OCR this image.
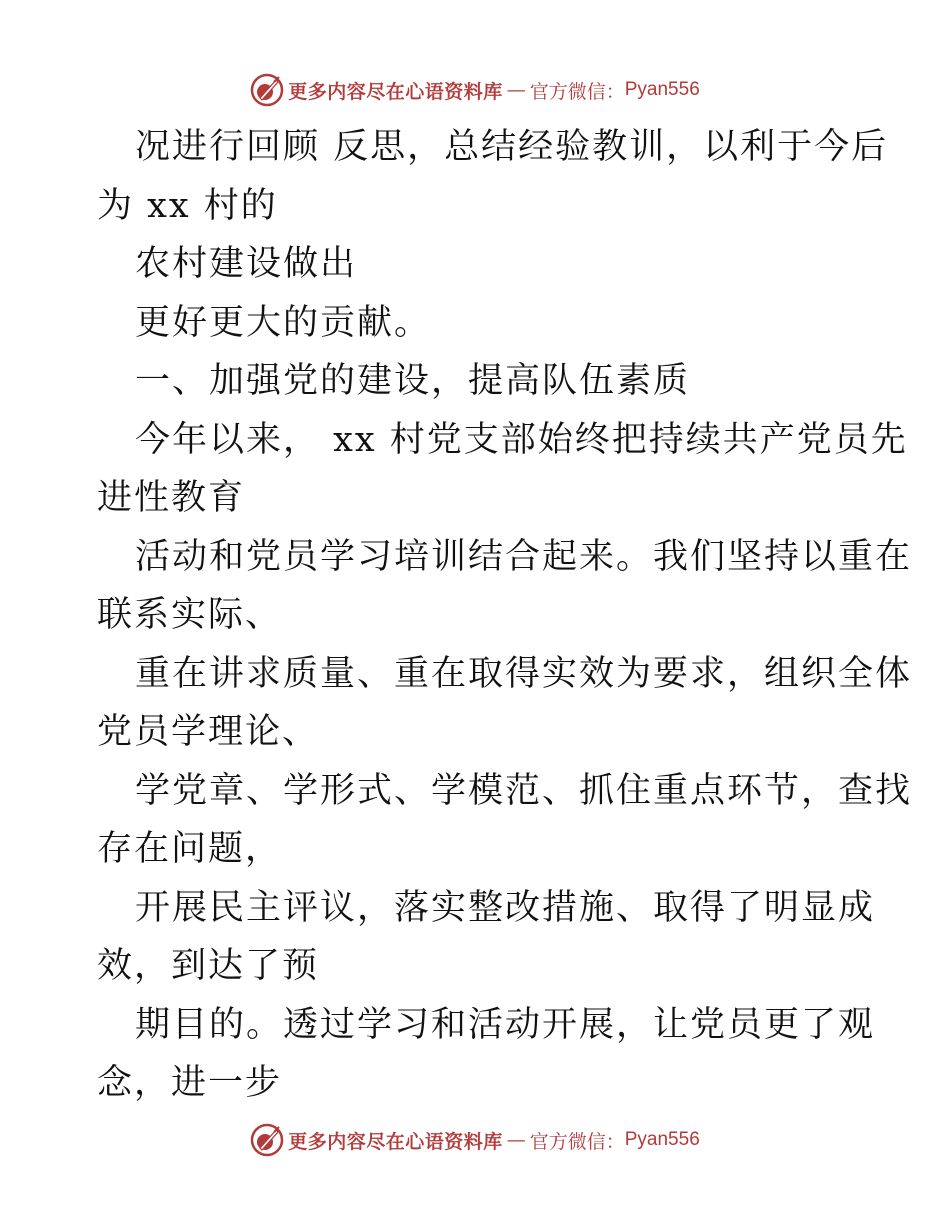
更多内容尽在心语资料库 — 官方微信： Pyan556
况进行回顾 反思，总结经验教训，以利于今后
为 xx 村的
农村建设做出
更好更大的贡献。
一、加强党的建设，提高队伍素质
今年以来， xx 村党支部始终把持续共产党员先
进性教育
活动和党员学习培训结合起来。我们坚持以重在
联系实际、
重在讲求质量、重在取得实效为要求，组织全体
党员学理论、
学党章、学形式、学模范、抓住重点环节，查找
存在问题，
开展民主评议，落实整改措施、取得了明显成
效，到达了预
期目的。透过学习和活动开展，让党员更了观
念，进一步
更多内容尽在心语资料库 — 官方微信： Pyan556
